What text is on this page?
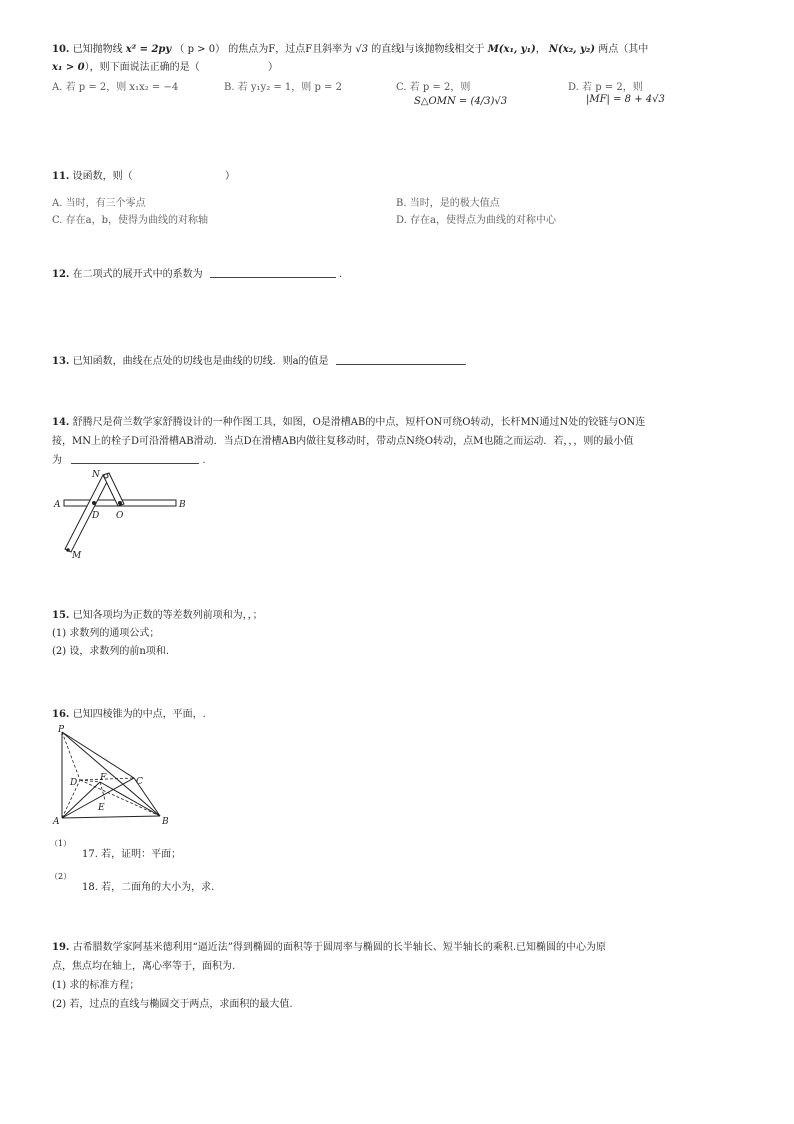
10. 已知抛物线 x² = 2py （ p > 0） 的焦点为F，过点F且斜率为 √3 的直线l与该抛物线相交于 M(x₁, y₁)， N(x₂, y₂) 两点（其中
x₁ > 0），则下面说法正确的是（	）
A. 若 p = 2，则 x₁x₂ = −4	B. 若 y₁y₂ = 1，则 p = 2	C. 若 p = 2，则
S△OMN = (4/3)√3
D. 若 p = 2，则
|MF| = 8 + 4√3
11. 设函数，则（	）
A. 当时，有三个零点	B. 当时，是的极大值点
C. 存在a，b，使得为曲线的对称轴	D. 存在a，使得点为曲线的对称中心
12. 在二项式的展开式中的系数为	.
13. 已知函数，曲线在点处的切线也是曲线的切线．则a的值是
14. 舒腾尺是荷兰数学家舒腾设计的一种作图工具，如图，O是滑槽AB的中点，短杆ON可绕O转动，长杆MN通过N处的铰链与ON连
接，MN上的栓子D可沿滑槽AB滑动．当点D在滑槽AB内做往复移动时，带动点N绕O转动，点M也随之而运动．若，，，则的最小值
为	.
A	B
N
D O
M
15. 已知各项均为正数的等差数列前项和为，，；
(1) 求数列的通项公式；
(2) 设，求数列的前n项和.
16. 已知四棱锥为的中点，平面，.
P
D	F	C
E
A	B
（1）
17. 若，证明：平面；
（2）
18. 若，二面角的大小为，求.
19. 古希腊数学家阿基米德利用“逼近法”得到椭圆的面积等于圆周率与椭圆的长半轴长、短半轴长的乘积.已知椭圆的中心为原
点，焦点均在轴上，离心率等于，面积为.
(1) 求的标准方程；
(2) 若，过点的直线与椭圆交于两点，求面积的最大值.
